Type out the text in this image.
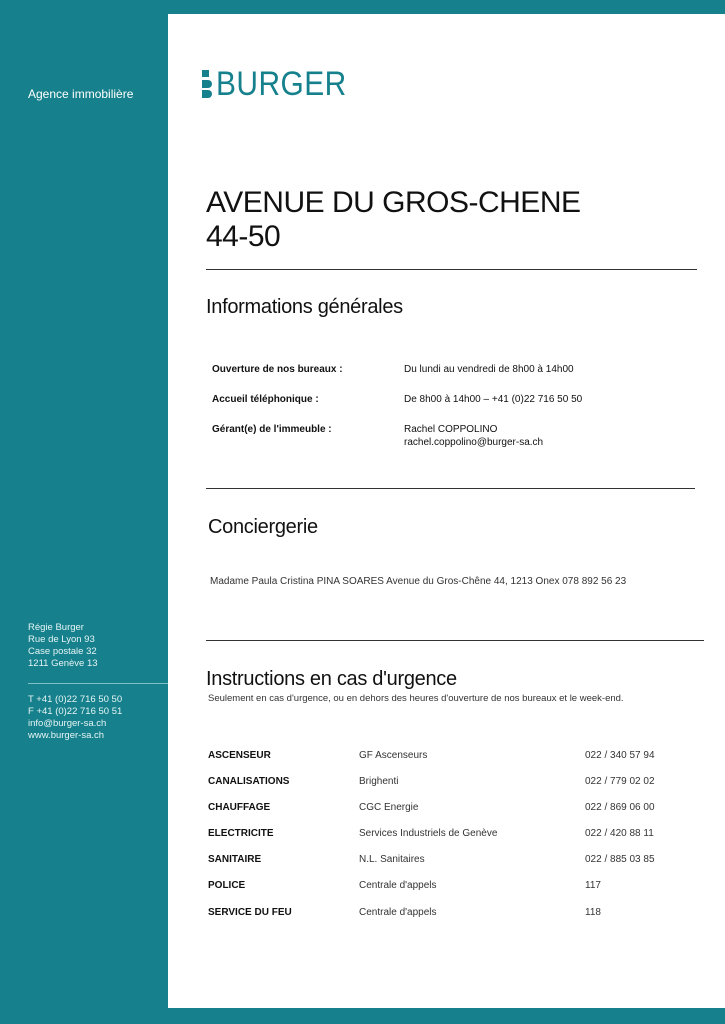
Agence immobilière
Régie Burger
Rue de Lyon 93
Case postale 32
1211 Genève 13
T +41 (0)22 716 50 50
F +41 (0)22 716 50 51
info@burger-sa.ch
www.burger-sa.ch
BURGER
AVENUE DU GROS-CHENE
44-50
Informations générales
Ouverture de nos bureaux :	Du lundi au vendredi de 8h00 à 14h00
Accueil téléphonique :	De 8h00 à 14h00 – +41 (0)22 716 50 50
Gérant(e) de l'immeuble :	Rachel COPPOLINO
rachel.coppolino@burger-sa.ch
Conciergerie
Madame Paula Cristina PINA SOARES Avenue du Gros-Chêne 44, 1213 Onex 078 892 56 23
Instructions en cas d'urgence
Seulement en cas d'urgence, ou en dehors des heures d'ouverture de nos bureaux et le week-end.
ASCENSEUR	GF Ascenseurs	022 / 340 57 94
CANALISATIONS	Brighenti	022 / 779 02 02
CHAUFFAGE	CGC Energie	022 / 869 06 00
ELECTRICITE	Services Industriels de Genève	022 / 420 88 11
SANITAIRE	N.L. Sanitaires	022 / 885 03 85
POLICE	Centrale d'appels	117
SERVICE DU FEU	Centrale d'appels	118
